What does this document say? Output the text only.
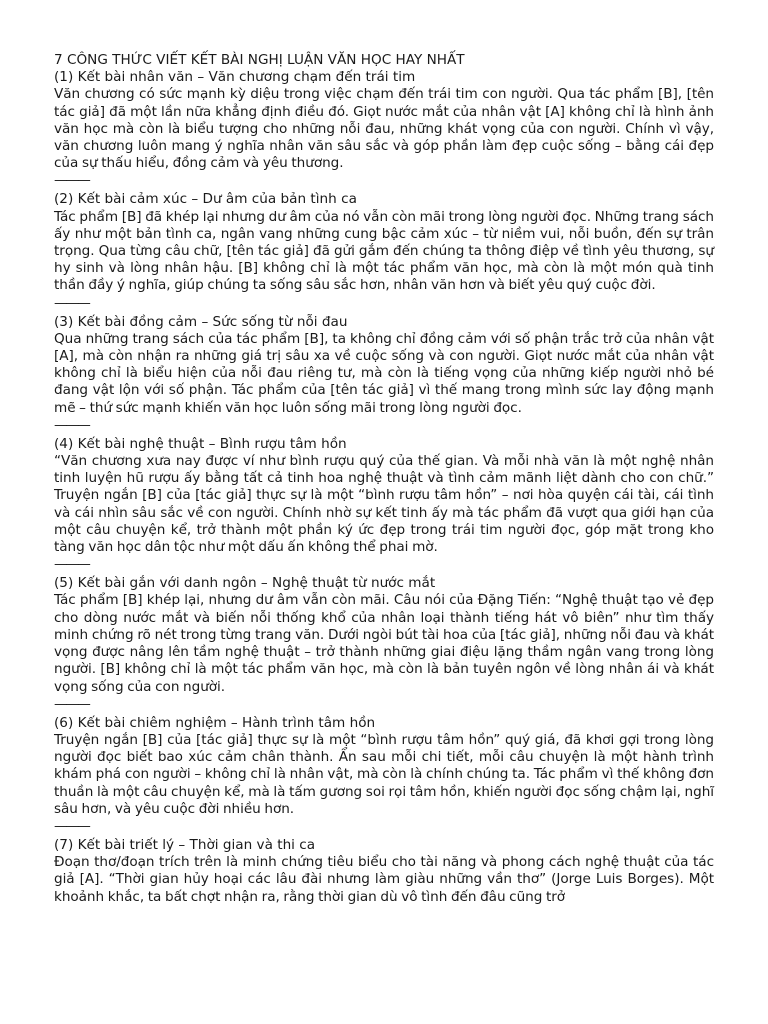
7 CÔNG THỨC VIẾT KẾT BÀI NGHỊ LUẬN VĂN HỌC HAY NHẤT
(1) Kết bài nhân văn – Văn chương chạm đến trái tim

Văn chương có sức mạnh kỳ diệu trong việc chạm đến trái tim con người. Qua tác phẩm [B], [tên tác giả] đã một lần nữa khẳng định điều đó. Giọt nước mắt của nhân vật [A] không chỉ là hình ảnh văn học mà còn là biểu tượng cho những nỗi đau, những khát vọng của con người. Chính vì vậy, văn chương luôn mang ý nghĩa nhân văn sâu sắc và góp phần làm đẹp cuộc sống – bằng cái đẹp của sự thấu hiểu, đồng cảm và yêu thương.

———
(2) Kết bài cảm xúc – Dư âm của bản tình ca

Tác phẩm [B] đã khép lại nhưng dư âm của nó vẫn còn mãi trong lòng người đọc. Những trang sách ấy như một bản tình ca, ngân vang những cung bậc cảm xúc – từ niềm vui, nỗi buồn, đến sự trân trọng. Qua từng câu chữ, [tên tác giả] đã gửi gắm đến chúng ta thông điệp về tình yêu thương, sự hy sinh và lòng nhân hậu. [B] không chỉ là một tác phẩm văn học, mà còn là một món quà tinh thần đầy ý nghĩa, giúp chúng ta sống sâu sắc hơn, nhân văn hơn và biết yêu quý cuộc đời.

———
(3) Kết bài đồng cảm – Sức sống từ nỗi đau

Qua những trang sách của tác phẩm [B], ta không chỉ đồng cảm với số phận trắc trở của nhân vật [A], mà còn nhận ra những giá trị sâu xa về cuộc sống và con người. Giọt nước mắt của nhân vật không chỉ là biểu hiện của nỗi đau riêng tư, mà còn là tiếng vọng của những kiếp người nhỏ bé đang vật lộn với số phận. Tác phẩm của [tên tác giả] vì thế mang trong mình sức lay động mạnh mẽ – thứ sức mạnh khiến văn học luôn sống mãi trong lòng người đọc.

———
(4) Kết bài nghệ thuật – Bình rượu tâm hồn

“Văn chương xưa nay được ví như bình rượu quý của thế gian. Và mỗi nhà văn là một nghệ nhân tinh luyện hũ rượu ấy bằng tất cả tinh hoa nghệ thuật và tình cảm mãnh liệt dành cho con chữ.” Truyện ngắn [B] của [tác giả] thực sự là một “bình rượu tâm hồn” – nơi hòa quyện cái tài, cái tình và cái nhìn sâu sắc về con người. Chính nhờ sự kết tinh ấy mà tác phẩm đã vượt qua giới hạn của một câu chuyện kể, trở thành một phần ký ức đẹp trong trái tim người đọc, góp mặt trong kho tàng văn học dân tộc như một dấu ấn không thể phai mờ.

———
(5) Kết bài gắn với danh ngôn – Nghệ thuật từ nước mắt

Tác phẩm [B] khép lại, nhưng dư âm vẫn còn mãi. Câu nói của Đặng Tiến: “Nghệ thuật tạo vẻ đẹp cho dòng nước mắt và biến nỗi thống khổ của nhân loại thành tiếng hát vô biên” như tìm thấy minh chứng rõ nét trong từng trang văn. Dưới ngòi bút tài hoa của [tác giả], những nỗi đau và khát vọng được nâng lên tầm nghệ thuật – trở thành những giai điệu lặng thầm ngân vang trong lòng người. [B] không chỉ là một tác phẩm văn học, mà còn là bản tuyên ngôn về lòng nhân ái và khát vọng sống của con người.

———
(6) Kết bài chiêm nghiệm – Hành trình tâm hồn

Truyện ngắn [B] của [tác giả] thực sự là một “bình rượu tâm hồn” quý giá, đã khơi gợi trong lòng người đọc biết bao xúc cảm chân thành. Ẩn sau mỗi chi tiết, mỗi câu chuyện là một hành trình khám phá con người – không chỉ là nhân vật, mà còn là chính chúng ta. Tác phẩm vì thế không đơn thuần là một câu chuyện kể, mà là tấm gương soi rọi tâm hồn, khiến người đọc sống chậm lại, nghĩ sâu hơn, và yêu cuộc đời nhiều hơn.

———
(7) Kết bài triết lý – Thời gian và thi ca

Đoạn thơ/đoạn trích trên là minh chứng tiêu biểu cho tài năng và phong cách nghệ thuật của tác giả [A]. “Thời gian hủy hoại các lâu đài nhưng làm giàu những vần thơ” (Jorge Luis Borges). Một khoảnh khắc, ta bất chợt nhận ra, rằng thời gian dù vô tình đến đâu cũng trở
